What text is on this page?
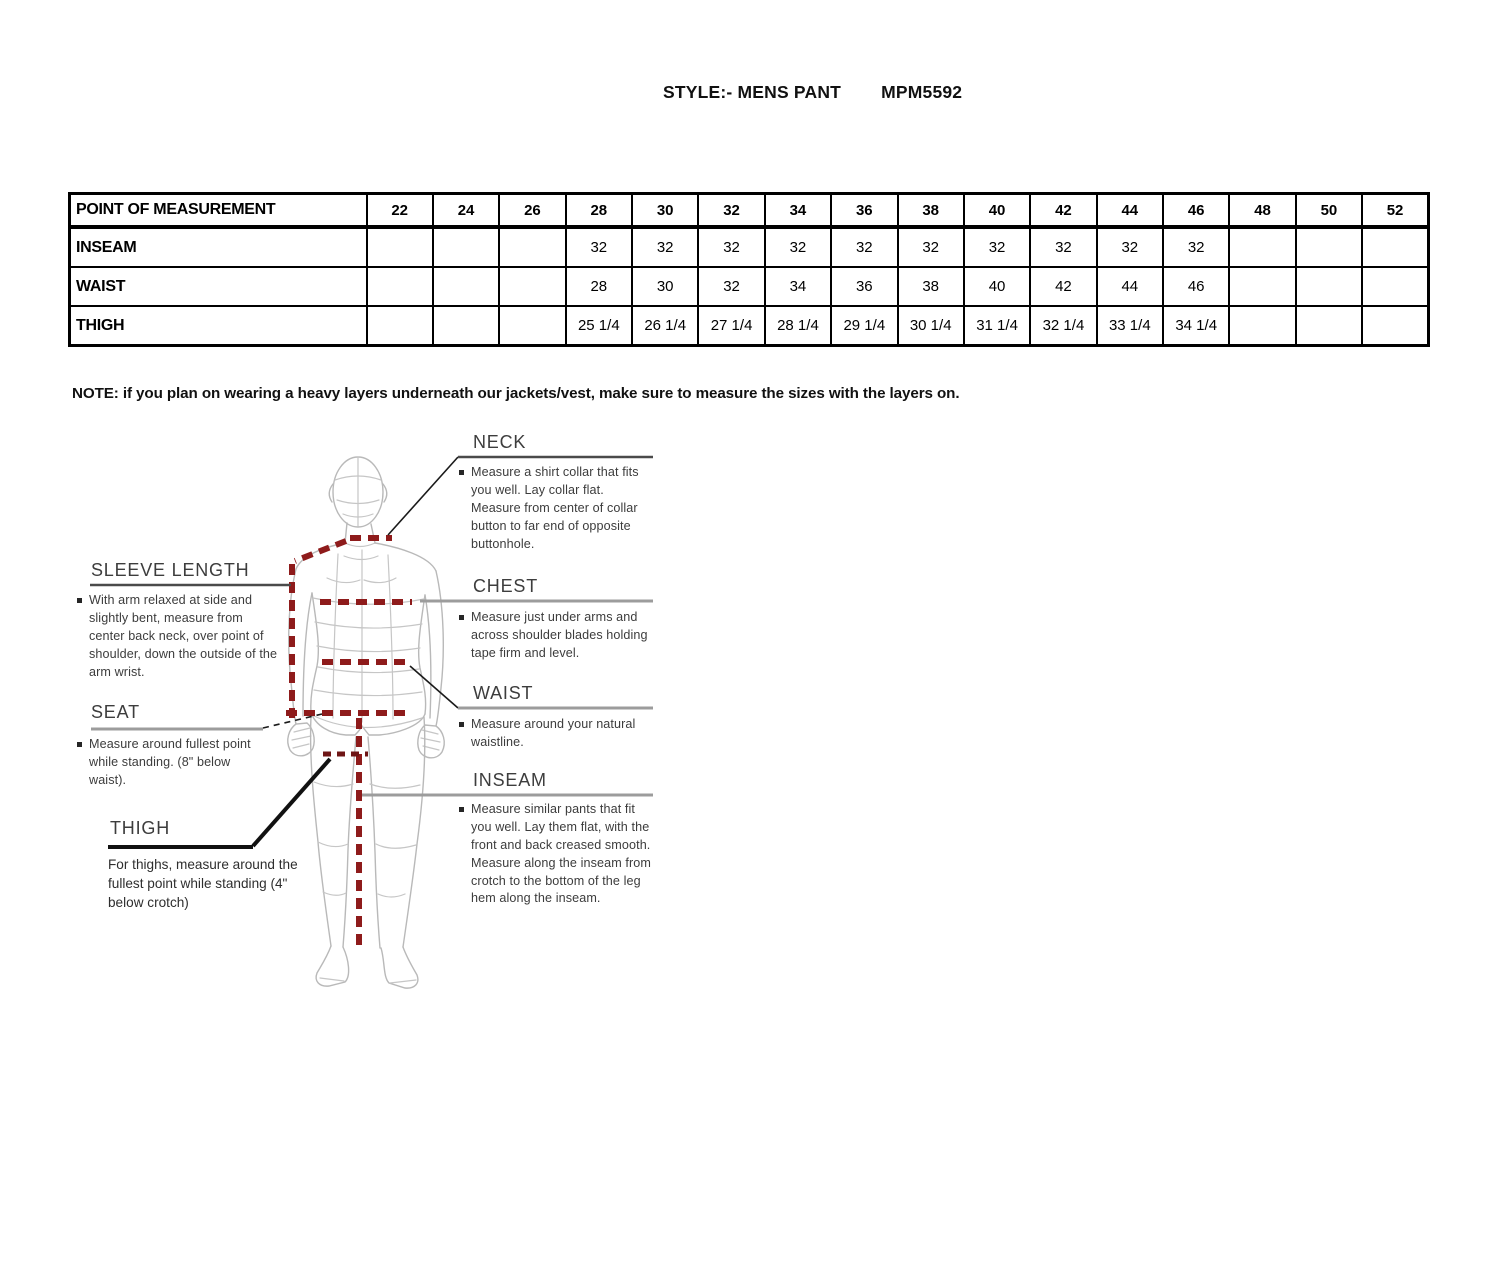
STYLE:- MENS PANT MPM5592
POINT OF MEASUREMENT	22	24	26	28	30	32	34	36	38	40	42	44	46	48	50	52
INSEAM				32	32	32	32	32	32	32	32	32	32			
WAIST				28	30	32	34	36	38	40	42	44	46			
THIGH				25 1/4	26 1/4	27 1/4	28 1/4	29 1/4	30 1/4	31 1/4	32 1/4	33 1/4	34 1/4			
NOTE: if you plan on wearing a heavy layers underneath our jackets/vest, make sure to measure the sizes with the layers on.
NECK
Measure a shirt collar that fits you well. Lay collar flat. Measure from center of collar button to far end of opposite buttonhole.
CHEST
Measure just under arms and across shoulder blades holding tape firm and level.
WAIST
Measure around your natural waistline.
INSEAM
Measure similar pants that fit you well. Lay them flat, with the front and back creased smooth. Measure along the inseam from crotch to the bottom of the leg hem along the inseam.
SLEEVE LENGTH
With arm relaxed at side and slightly bent, measure from center back neck, over point of shoulder, down the outside of the arm wrist.
SEAT
Measure around fullest point while standing. (8" below waist).
THIGH
For thighs, measure around the fullest point while standing (4" below crotch)
